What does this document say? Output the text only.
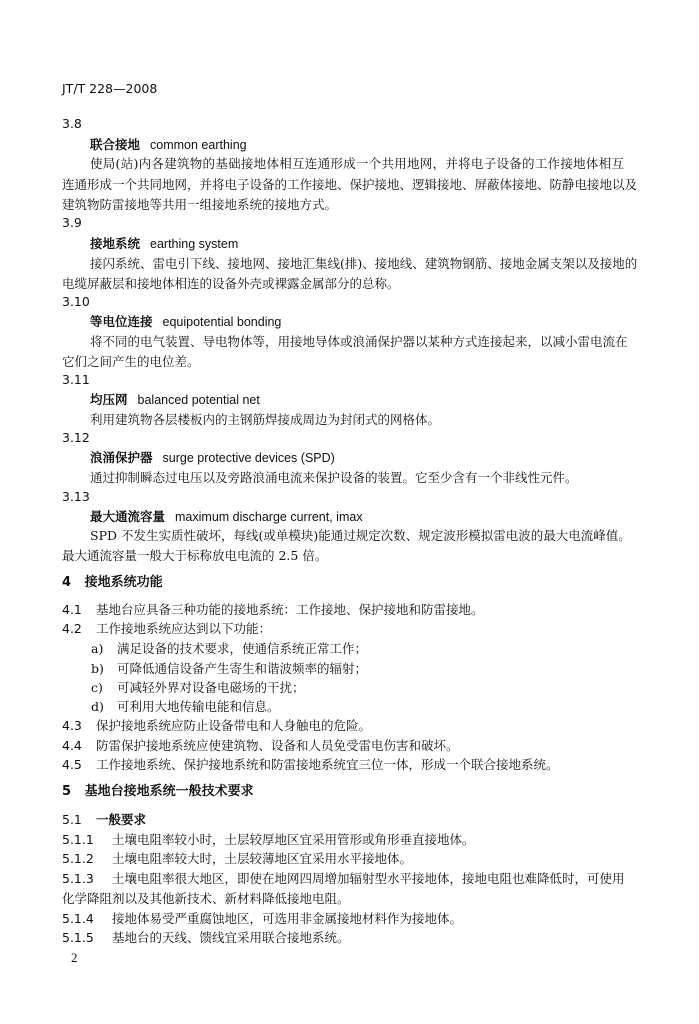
JT/T 228—2008
3.8
联合接地 common earthing
使局(站)内各建筑物的基础接地体相互连通形成一个共用地网，并将电子设备的工作接地体相互
连通形成一个共同地网，并将电子设备的工作接地、保护接地、逻辑接地、屏蔽体接地、防静电接地以及
建筑物防雷接地等共用一组接地系统的接地方式。
3.9
接地系统 earthing system
接闪系统、雷电引下线、接地网、接地汇集线(排)、接地线、建筑物钢筋、接地金属支架以及接地的
电缆屏蔽层和接地体相连的设备外壳或裸露金属部分的总称。
3.10
等电位连接 equipotential bonding
将不同的电气装置、导电物体等，用接地导体或浪涌保护器以某种方式连接起来，以减小雷电流在
它们之间产生的电位差。
3.11
均压网 balanced potential net
利用建筑物各层楼板内的主钢筋焊接成周边为封闭式的网格体。
3.12
浪涌保护器 surge protective devices (SPD)
通过抑制瞬态过电压以及旁路浪涌电流来保护设备的装置。它至少含有一个非线性元件。
3.13
最大通流容量 maximum discharge current, imax
SPD 不发生实质性破坏，每线(或单模块)能通过规定次数、规定波形模拟雷电波的最大电流峰值。
最大通流容量一般大于标称放电电流的 2.5 倍。
4   接地系统功能
4.1 基地台应具备三种功能的接地系统：工作接地、保护接地和防雷接地。
4.2 工作接地系统应达到以下功能：
a) 满足设备的技术要求，使通信系统正常工作；
b) 可降低通信设备产生寄生和谐波频率的辐射；
c) 可减轻外界对设备电磁场的干扰；
d) 可利用大地传输电能和信息。
4.3 保护接地系统应防止设备带电和人身触电的危险。
4.4 防雷保护接地系统应使建筑物、设备和人员免受雷电伤害和破坏。
4.5 工作接地系统、保护接地系统和防雷接地系统宜三位一体，形成一个联合接地系统。
5   基地台接地系统一般技术要求
5.1 一般要求
5.1.1 土壤电阻率较小时，土层较厚地区宜采用管形或角形垂直接地体。
5.1.2 土壤电阻率较大时，土层较薄地区宜采用水平接地体。
5.1.3 土壤电阻率很大地区，即使在地网四周增加辐射型水平接地体，接地电阻也难降低时，可使用
化学降阻剂以及其他新技术、新材料降低接地电阻。
5.1.4 接地体易受严重腐蚀地区，可选用非金属接地材料作为接地体。
5.1.5 基地台的天线、馈线宜采用联合接地系统。
2
